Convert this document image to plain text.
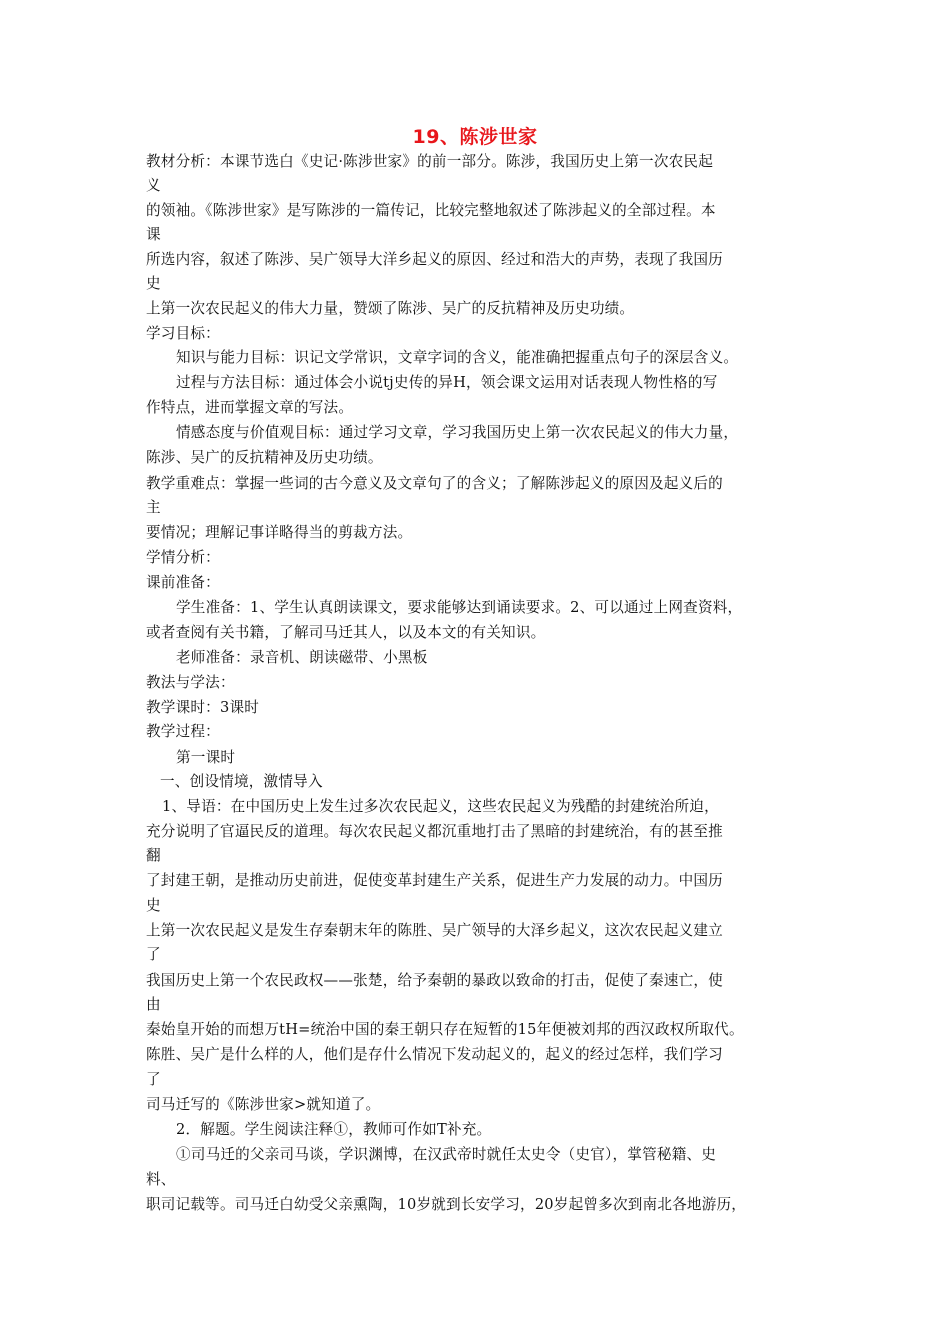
19、陈涉世家
教材分析：本课节选白《史记·陈涉世家》的前一部分。陈涉，我国历史上第一次农民起
义
的领袖。《陈涉世家》是写陈涉的一篇传记，比较完整地叙述了陈涉起义的全部过程。本
课
所选内容，叙述了陈涉、吴广领导大洋乡起义的原因、经过和浩大的声势，表现了我国历
史
上第一次农民起义的伟大力量，赞颂了陈涉、吴广的反抗精神及历史功绩。
学习目标：
知识与能力目标：识记文学常识，文章字词的含义，能准确把握重点句子的深层含义。
过程与方法目标：通过体会小说tj史传的异H，领会课文运用对话表现人物性格的写
作特点，进而掌握文章的写法。
情感态度与价值观目标：通过学习文章，学习我国历史上第一次农民起义的伟大力量，
陈涉、吴广的反抗精神及历史功绩。
教学重难点：掌握一些词的古今意义及文章句了的含义；了解陈涉起义的原因及起义后的
主
要情况；理解记事详略得当的剪裁方法。
学情分析：
课前准备：
学生准备：1、学生认真朗读课文，要求能够达到诵读要求。2、可以通过上网查资料，
或者查阅有关书籍，了解司马迁其人，以及本文的有关知识。
老师准备：录音机、朗读磁带、小黑板
教法与学法：
教学课时：3课时
教学过程：
第一课时
一、创设情境，激情导入
1、导语：在中国历史上发生过多次农民起义，这些农民起义为残酷的封建统治所迫，
充分说明了官逼民反的道理。每次农民起义都沉重地打击了黑暗的封建统治，有的甚至推
翻
了封建王朝，是推动历史前进，促使变革封建生产关系，促进生产力发展的动力。中国历
史
上第一次农民起义是发生存秦朝末年的陈胜、吴广领导的大泽乡起义，这次农民起义建立
了
我国历史上第一个农民政权——张楚，给予秦朝的暴政以致命的打击，促使了秦速亡，使
由
秦始皇开始的而想万tH=统治中国的秦王朝只存在短暂的15年便被刘邦的西汉政权所取代。
陈胜、吴广是什么样的人，他们是存什么情况下发动起义的，起义的经过怎样，我们学习
了
司马迁写的《陈涉世家>就知道了。
2．解题。学生阅读注释①，教师可作如T补充。
①司马迁的父亲司马谈，学识渊博，在汉武帝时就任太史令（史官），掌管秘籍、史
料、
职司记载等。司马迁白幼受父亲熏陶，10岁就到长安学习，20岁起曾多次到南北各地游历，
